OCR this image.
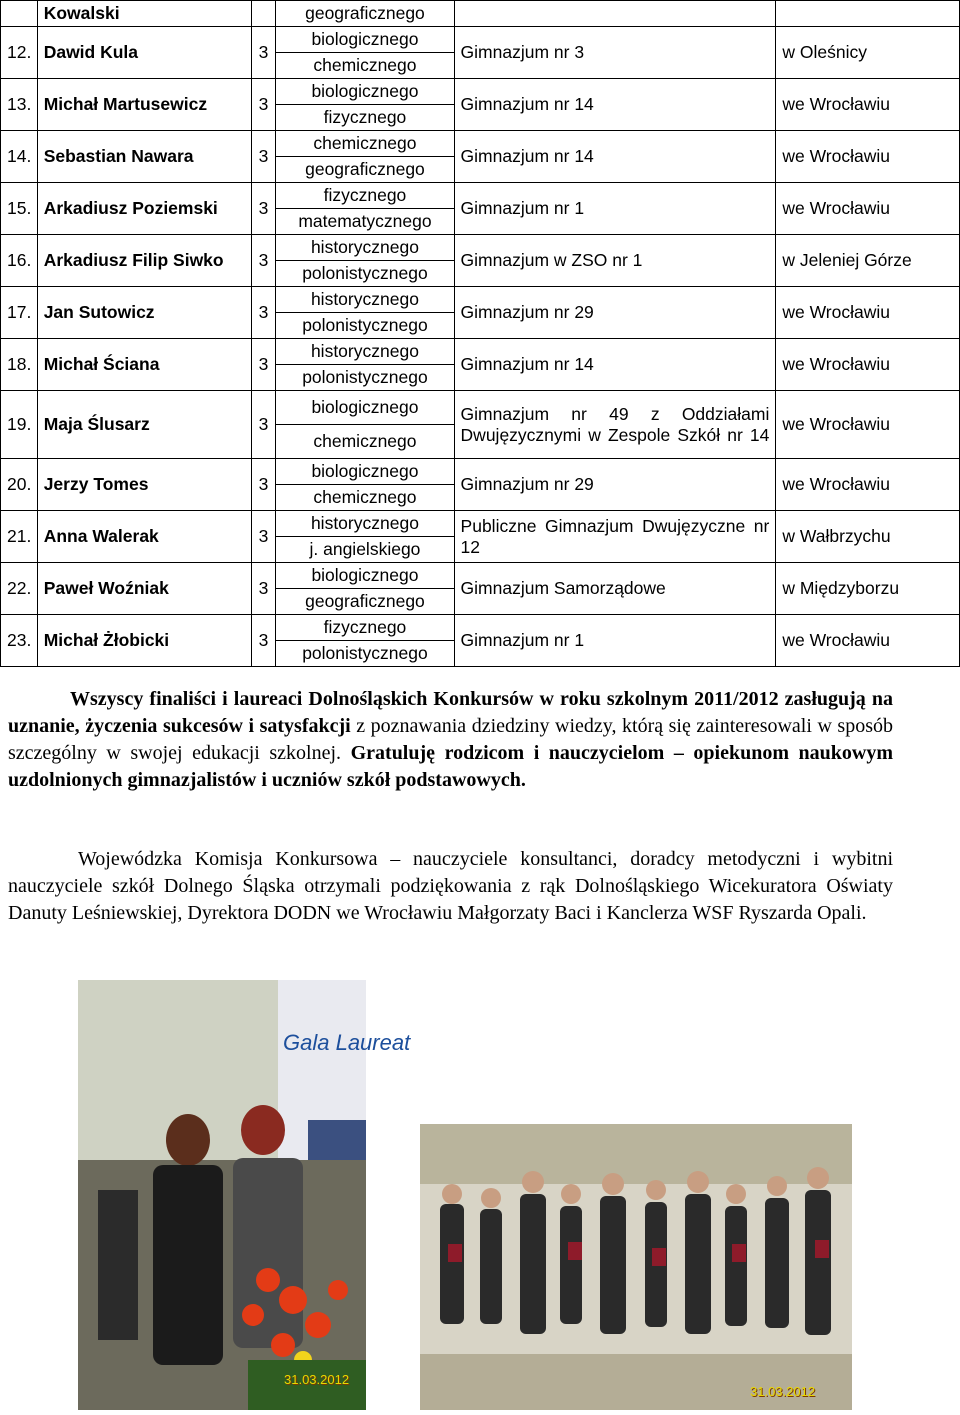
	Kowalski		geograficznego		
12.	Dawid Kula	3	biologicznego	Gimnazjum nr 3	w Oleśnicy
			chemicznego		
13.	Michał Martusewicz	3	biologicznego	Gimnazjum nr 14	we Wrocławiu
			fizycznego		
14.	Sebastian Nawara	3	chemicznego	Gimnazjum nr 14	we Wrocławiu
			geograficznego		
15.	Arkadiusz Poziemski	3	fizycznego	Gimnazjum nr 1	we Wrocławiu
			matematycznego		
16.	Arkadiusz Filip Siwko	3	historycznego	Gimnazjum w ZSO nr 1	w Jeleniej Górze
			polonistycznego		
17.	Jan Sutowicz	3	historycznego	Gimnazjum nr 29	we Wrocławiu
			polonistycznego		
18.	Michał Ściana	3	historycznego	Gimnazjum nr 14	we Wrocławiu
			polonistycznego		
19.	Maja Ślusarz	3	biologicznego	Gimnazjum nr 49 z Oddziałami Dwujęzycznymi w Zespole Szkół nr 14	we Wrocławiu
			chemicznego		
20.	Jerzy Tomes	3	biologicznego	Gimnazjum nr 29	we Wrocławiu
			chemicznego		
21.	Anna Walerak	3	historycznego	Publiczne Gimnazjum Dwujęzyczne nr 12	w Wałbrzychu
			j. angielskiego		
22.	Paweł Woźniak	3	biologicznego	Gimnazjum Samorządowe	w Międzyborzu
			geograficznego		
23.	Michał Żłobicki	3	fizycznego	Gimnazjum nr 1	we Wrocławiu
			polonistycznego		
Wszyscy finaliści i laureaci Dolnośląskich Konkursów w roku szkolnym 2011/2012 zasługują na uznanie, życzenia sukcesów i satysfakcji z poznawania dziedziny wiedzy, którą się zainteresowali w sposób szczególny w swojej edukacji szkolnej. Gratuluję rodzicom i nauczycielom – opiekunom naukowym uzdolnionych gimnazjalistów i uczniów szkół podstawowych.
Wojewódzka Komisja Konkursowa – nauczyciele konsultanci, doradcy metodyczni i wybitni nauczyciele szkół Dolnego Śląska otrzymali podziękowania z rąk Dolnośląskiego Wicekuratora Oświaty Danuty Leśniewskiej, Dyrektora DODN we Wrocławiu Małgorzaty Baci i Kanclerza WSF Ryszarda Opali.
Gala Laureat
31.03.2012
31.03.2012
